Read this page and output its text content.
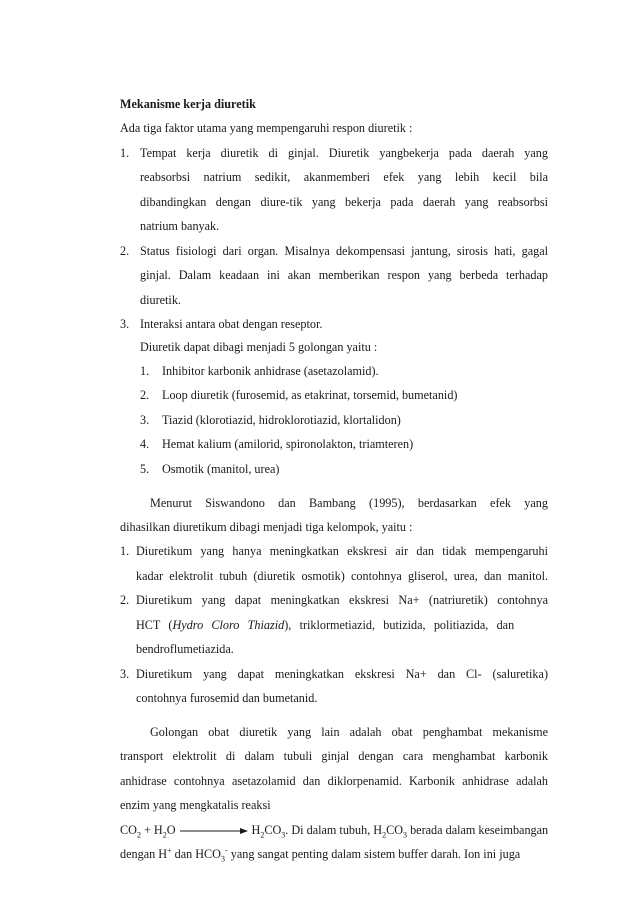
Mekanisme kerja diuretik
Ada tiga faktor utama yang mempengaruhi respon diuretik :
1. Tempat kerja diuretik di ginjal. Diuretik yangbekerja pada daerah yang
reabsorbsi natrium sedikit, akanmemberi efek yang lebih kecil bila
dibandingkan dengan diure-tik yang bekerja pada daerah yang reabsorbsi
natrium banyak.
2. Status fisiologi dari organ. Misalnya dekompensasi jantung, sirosis hati, gagal
ginjal. Dalam keadaan ini akan memberikan respon yang berbeda terhadap
diuretik.
3. Interaksi antara obat dengan reseptor.
Diuretik dapat dibagi menjadi 5 golongan yaitu :
1.	Inhibitor karbonik anhidrase (asetazolamid).
2.	Loop diuretik (furosemid, as etakrinat, torsemid, bumetanid)
3.	Tiazid (klorotiazid, hidroklorotiazid, klortalidon)
4.	Hemat kalium (amilorid, spironolakton, triamteren)
5.	Osmotik (manitol, urea)
Menurut Siswandono dan Bambang (1995), berdasarkan efek yang
dihasilkan diuretikum dibagi menjadi tiga kelompok, yaitu :
1. Diuretikum yang hanya meningkatkan ekskresi air dan tidak mempengaruhi
kadar elektrolit tubuh (diuretik osmotik) contohnya gliserol, urea, dan manitol.
2. Diuretikum yang dapat meningkatkan ekskresi Na+ (natriuretik) contohnya
HCT (Hydro Cloro Thiazid), triklormetiazid, butizida, politiazida, dan
bendroflumetiazida.
3. Diuretikum yang dapat meningkatkan ekskresi Na+ dan Cl- (saluretika)
contohnya furosemid dan bumetanid.
Golongan obat diuretik yang lain adalah obat penghambat mekanisme
transport elektrolit di dalam tubuli ginjal dengan cara menghambat karbonik
anhidrase contohnya asetazolamid dan diklorpenamid. Karbonik anhidrase adalah
enzim yang mengkatalis reaksi
$CO_2 + H_2O$	$H_2CO_3$. Di dalam tubuh, $H_2CO_3$ berada dalam keseimbangan
dengan H+ dan $HCO_3^-$ yang sangat penting dalam sistem buffer darah. Ion ini juga
